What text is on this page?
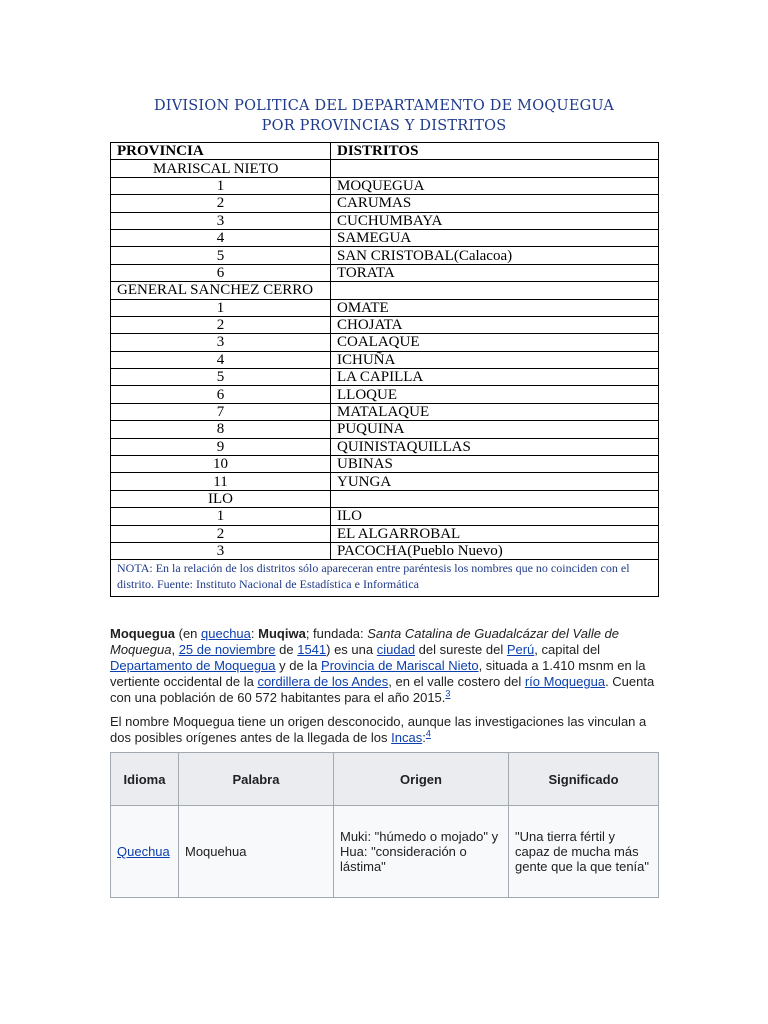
DIVISION POLITICA DEL DEPARTAMENTO DE MOQUEGUA
POR PROVINCIAS Y DISTRITOS
PROVINCIA	DISTRITOS
MARISCAL NIETO	
1	MOQUEGUA
2	CARUMAS
3	CUCHUMBAYA
4	SAMEGUA
5	SAN CRISTOBAL(Calacoa)
6	TORATA
GENERAL SANCHEZ CERRO	
1	OMATE
2	CHOJATA
3	COALAQUE
4	ICHUÑA
5	LA CAPILLA
6	LLOQUE
7	MATALAQUE
8	PUQUINA
9	QUINISTAQUILLAS
10	UBINAS
11	YUNGA
ILO	
1	ILO
2	EL ALGARROBAL
3	PACOCHA(Pueblo Nuevo)
NOTA: En la relación de los distritos sólo apareceran entre paréntesis los nombres que no coinciden con el distrito. Fuente: Instituto Nacional de Estadística e Informática	
Moquegua (en quechua: Muqiwa; fundada: Santa Catalina de Guadalcázar del Valle de Moquegua, 25 de noviembre de 1541) es una ciudad del sureste del Perú, capital del Departamento de Moquegua y de la Provincia de Mariscal Nieto, situada a 1.410 msnm en la vertiente occidental de la cordillera de los Andes, en el valle costero del río Moquegua. Cuenta con una población de 60 572 habitantes para el año 2015.$^3$
El nombre Moquegua tiene un origen desconocido, aunque las investigaciones las vinculan a dos posibles orígenes antes de la llegada de los Incas:$^4$
Idioma	Palabra	Origen	Significado
Quechua	Moquehua	Muki: "húmedo o mojado" y Hua: "consideración o lástima"	"Una tierra fértil y capaz de mucha más gente que la que tenía"
